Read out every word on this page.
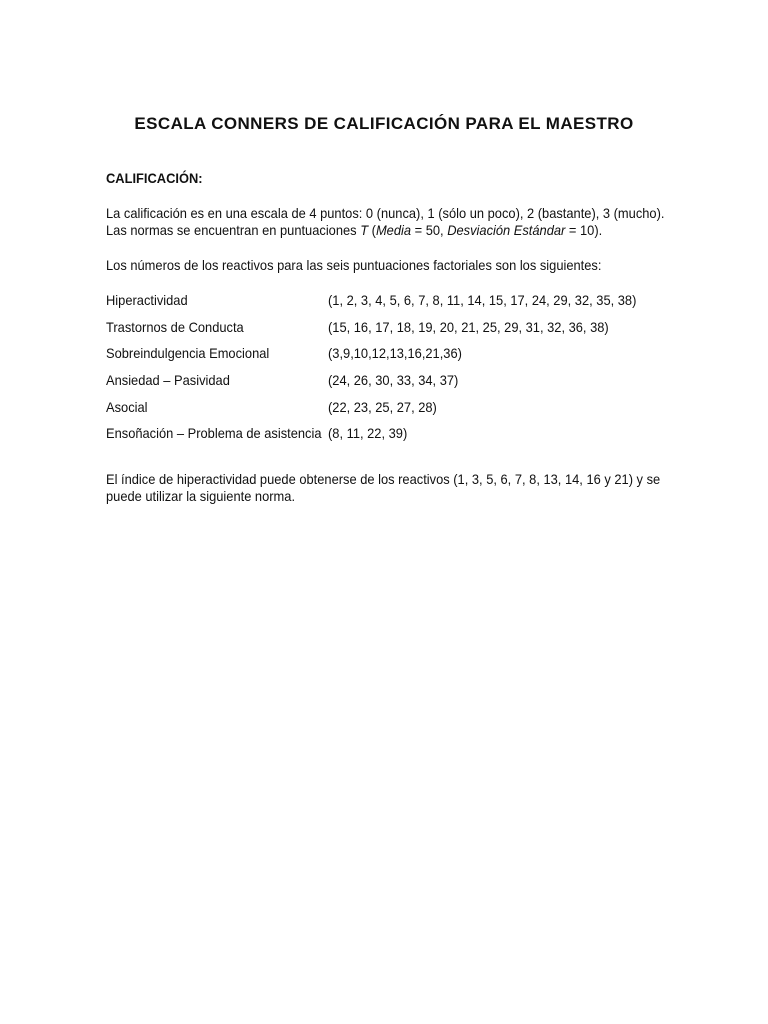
ESCALA CONNERS DE CALIFICACIÓN PARA EL MAESTRO
CALIFICACIÓN:

La calificación es en una escala de 4 puntos: 0 (nunca), 1 (sólo un poco), 2 (bastante), 3 (mucho).
Las normas se encuentran en puntuaciones T (Media = 50, Desviación Estándar = 10).

Los números de los reactivos para las seis puntuaciones factoriales son los siguientes:

Hiperactividad	(1, 2, 3, 4, 5, 6, 7, 8, 11, 14, 15, 17, 24, 29, 32, 35, 38)
Trastornos de Conducta	(15, 16, 17, 18, 19, 20, 21, 25, 29, 31, 32, 36, 38)
Sobreindulgencia Emocional	(3,9,10,12,13,16,21,36)
Ansiedad – Pasividad	(24, 26, 30, 33, 34, 37)
Asocial	(22, 23, 25, 27, 28)
Ensoñación – Problema de asistencia (8, 11, 22, 39)

El índice de hiperactividad puede obtenerse de los reactivos (1, 3, 5, 6, 7, 8, 13, 14, 16 y 21) y se
puede utilizar la siguiente norma.
